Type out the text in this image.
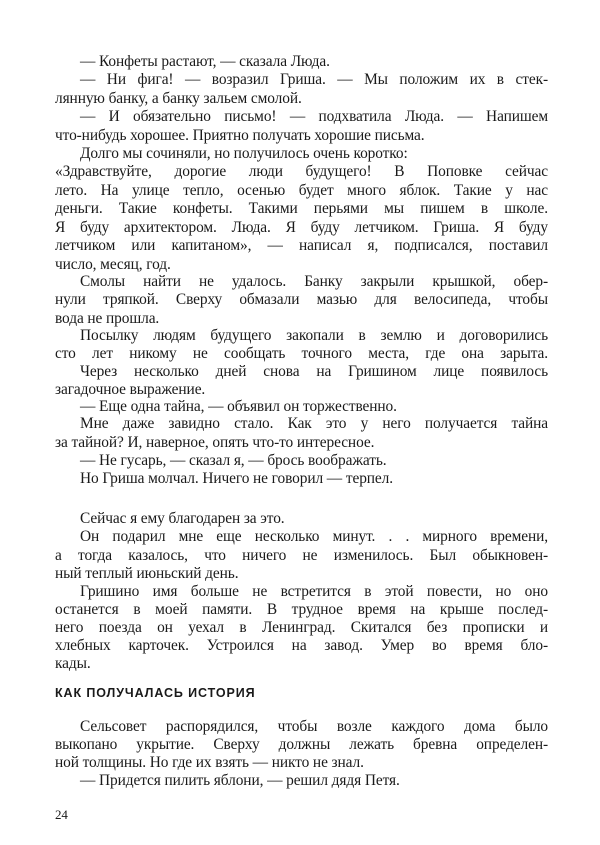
— Конфеты растают, — сказала Люда.
— Ни фига! — возразил Гриша. — Мы положим их в стек-
лянную банку, а банку зальем смолой.
— И обязательно письмо! — подхватила Люда. — Напишем
что-нибудь хорошее. Приятно получать хорошие письма.
Долго мы сочиняли, но получилось очень коротко:
«Здравствуйте, дорогие люди будущего! В Поповке сейчас
лето. На улице тепло, осенью будет много яблок. Такие у нас
деньги. Такие конфеты. Такими перьями мы пишем в школе.
Я буду архитектором. Люда. Я буду летчиком. Гриша. Я буду
летчиком или капитаном», — написал я, подписался, поставил
число, месяц, год.
Смолы найти не удалось. Банку закрыли крышкой, обер-
нули тряпкой. Сверху обмазали мазью для велосипеда, чтобы
вода не прошла.
Посылку людям будущего закопали в землю и договорились
сто лет никому не сообщать точного места, где она зарыта.
Через несколько дней снова на Гришином лице появилось
загадочное выражение.
— Еще одна тайна, — объявил он торжественно.
Мне даже завидно стало. Как это у него получается тайна
за тайной? И, наверное, опять что-то интересное.
— Не гусарь, — сказал я, — брось воображать.
Но Гриша молчал. Ничего не говорил — терпел.
Сейчас я ему благодарен за это.
Он подарил мне еще несколько минут. . . мирного времени,
а тогда казалось, что ничего не изменилось. Был обыкновен-
ный теплый июньский день.
Гришино имя больше не встретится в этой повести, но оно
останется в моей памяти. В трудное время на крыше послед-
него поезда он уехал в Ленинград. Скитался без прописки и
хлебных карточек. Устроился на завод. Умер во время бло-
кады.
КАК ПОЛУЧАЛАСЬ ИСТОРИЯ
Сельсовет распорядился, чтобы возле каждого дома было
выкопано укрытие. Сверху должны лежать бревна определен-
ной толщины. Но где их взять — никто не знал.
— Придется пилить яблони, — решил дядя Петя.
24
